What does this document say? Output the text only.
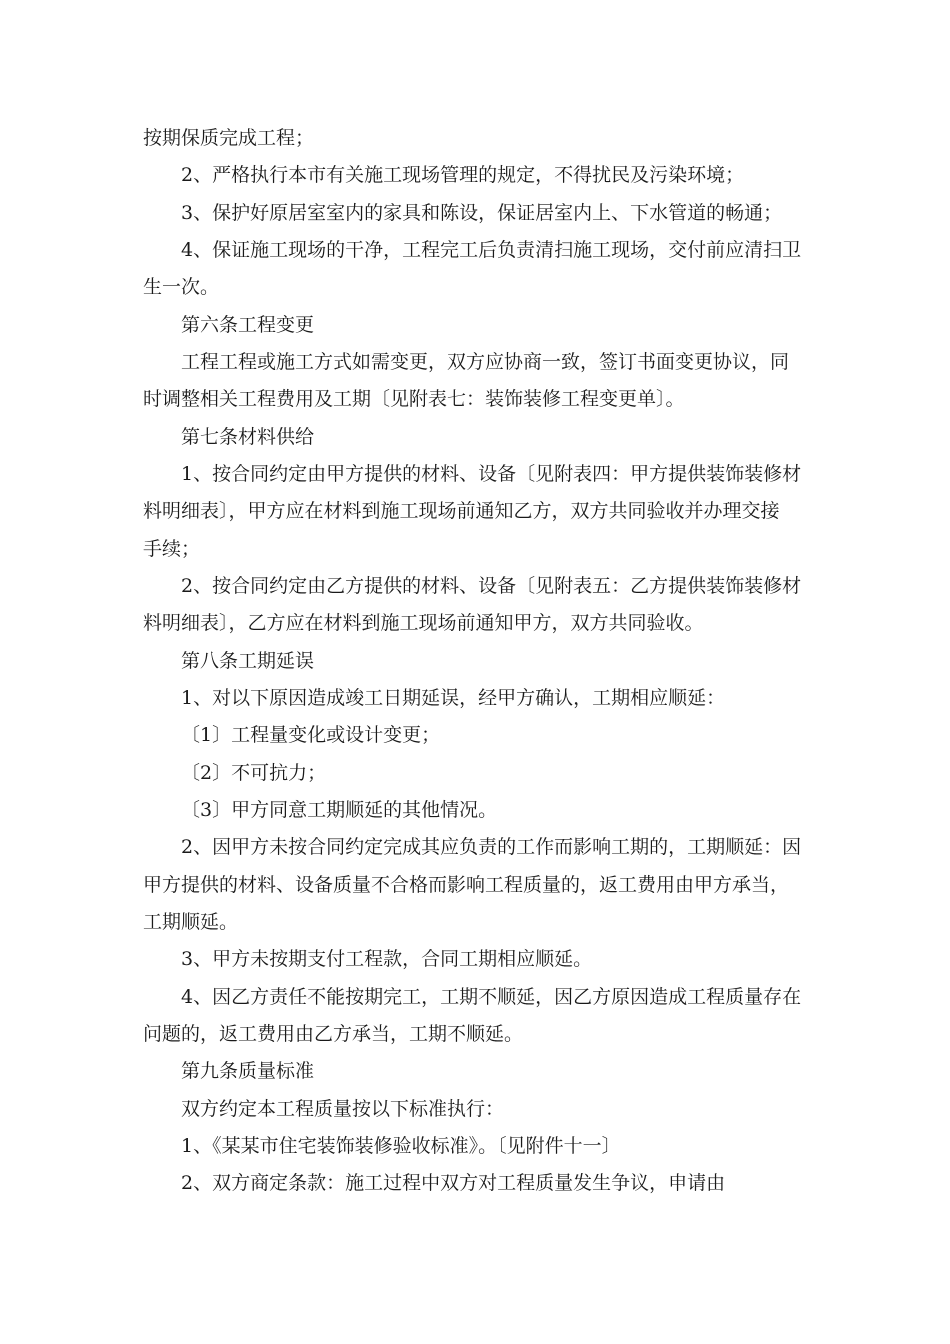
按期保质完成工程；
2、严格执行本市有关施工现场管理的规定，不得扰民及污染环境；
3、保护好原居室室内的家具和陈设，保证居室内上、下水管道的畅通；
4、保证施工现场的干净，工程完工后负责清扫施工现场，交付前应清扫卫
生一次。
第六条工程变更
工程工程或施工方式如需变更，双方应协商一致，签订书面变更协议，同
时调整相关工程费用及工期〔见附表七：装饰装修工程变更单〕。
第七条材料供给
1、按合同约定由甲方提供的材料、设备〔见附表四：甲方提供装饰装修材
料明细表〕，甲方应在材料到施工现场前通知乙方，双方共同验收并办理交接
手续；
2、按合同约定由乙方提供的材料、设备〔见附表五：乙方提供装饰装修材
料明细表〕，乙方应在材料到施工现场前通知甲方，双方共同验收。
第八条工期延误
1、对以下原因造成竣工日期延误，经甲方确认，工期相应顺延：
〔1〕工程量变化或设计变更；
〔2〕不可抗力；
〔3〕甲方同意工期顺延的其他情况。
2、因甲方未按合同约定完成其应负责的工作而影响工期的，工期顺延：因
甲方提供的材料、设备质量不合格而影响工程质量的，返工费用由甲方承当，
工期顺延。
3、甲方未按期支付工程款，合同工期相应顺延。
4、因乙方责任不能按期完工，工期不顺延，因乙方原因造成工程质量存在
问题的，返工费用由乙方承当，工期不顺延。
第九条质量标准
双方约定本工程质量按以下标准执行：
1、《某某市住宅装饰装修验收标准》。〔见附件十一〕
2、双方商定条款：施工过程中双方对工程质量发生争议，申请由
